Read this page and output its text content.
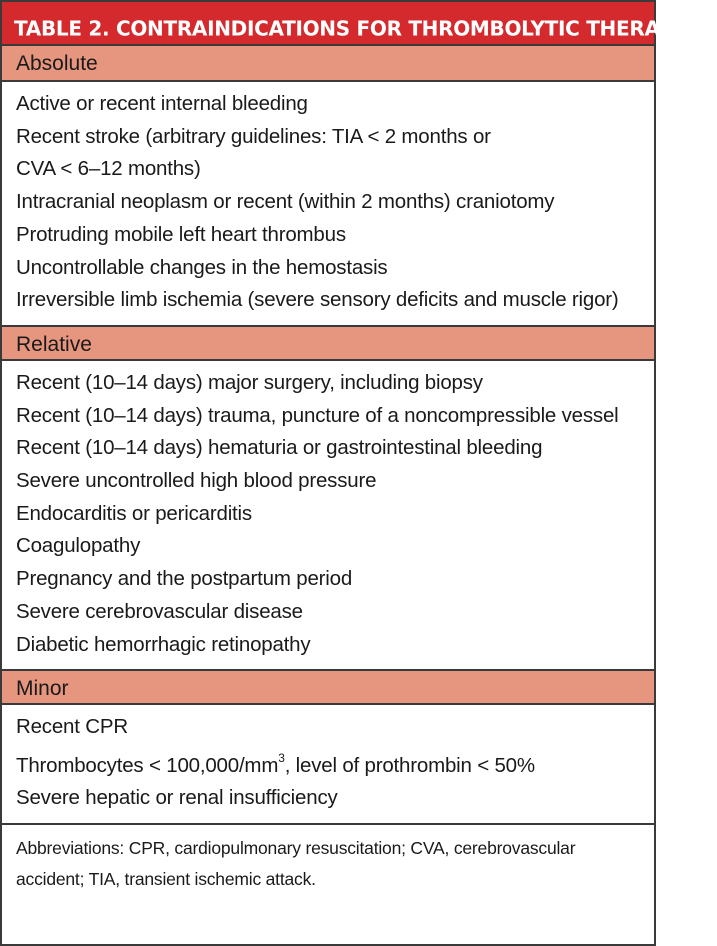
TABLE 2. CONTRAINDICATIONS FOR THROMBOLYTIC THERAPY$^{3,22}$
Absolute
Active or recent internal bleeding
Recent stroke (arbitrary guidelines: TIA < 2 months or
CVA < 6–12 months)
Intracranial neoplasm or recent (within 2 months) craniotomy
Protruding mobile left heart thrombus
Uncontrollable changes in the hemostasis
Irreversible limb ischemia (severe sensory deficits and muscle rigor)
Relative
Recent (10–14 days) major surgery, including biopsy
Recent (10–14 days) trauma, puncture of a noncompressible vessel
Recent (10–14 days) hematuria or gastrointestinal bleeding
Severe uncontrolled high blood pressure
Endocarditis or pericarditis
Coagulopathy
Pregnancy and the postpartum period
Severe cerebrovascular disease
Diabetic hemorrhagic retinopathy
Minor
Recent CPR
Thrombocytes < $100,000/mm^3$, level of prothrombin < 50%
Severe hepatic or renal insufficiency
Abbreviations: CPR, cardiopulmonary resuscitation; CVA, cerebrovascular accident; TIA, transient ischemic attack.
